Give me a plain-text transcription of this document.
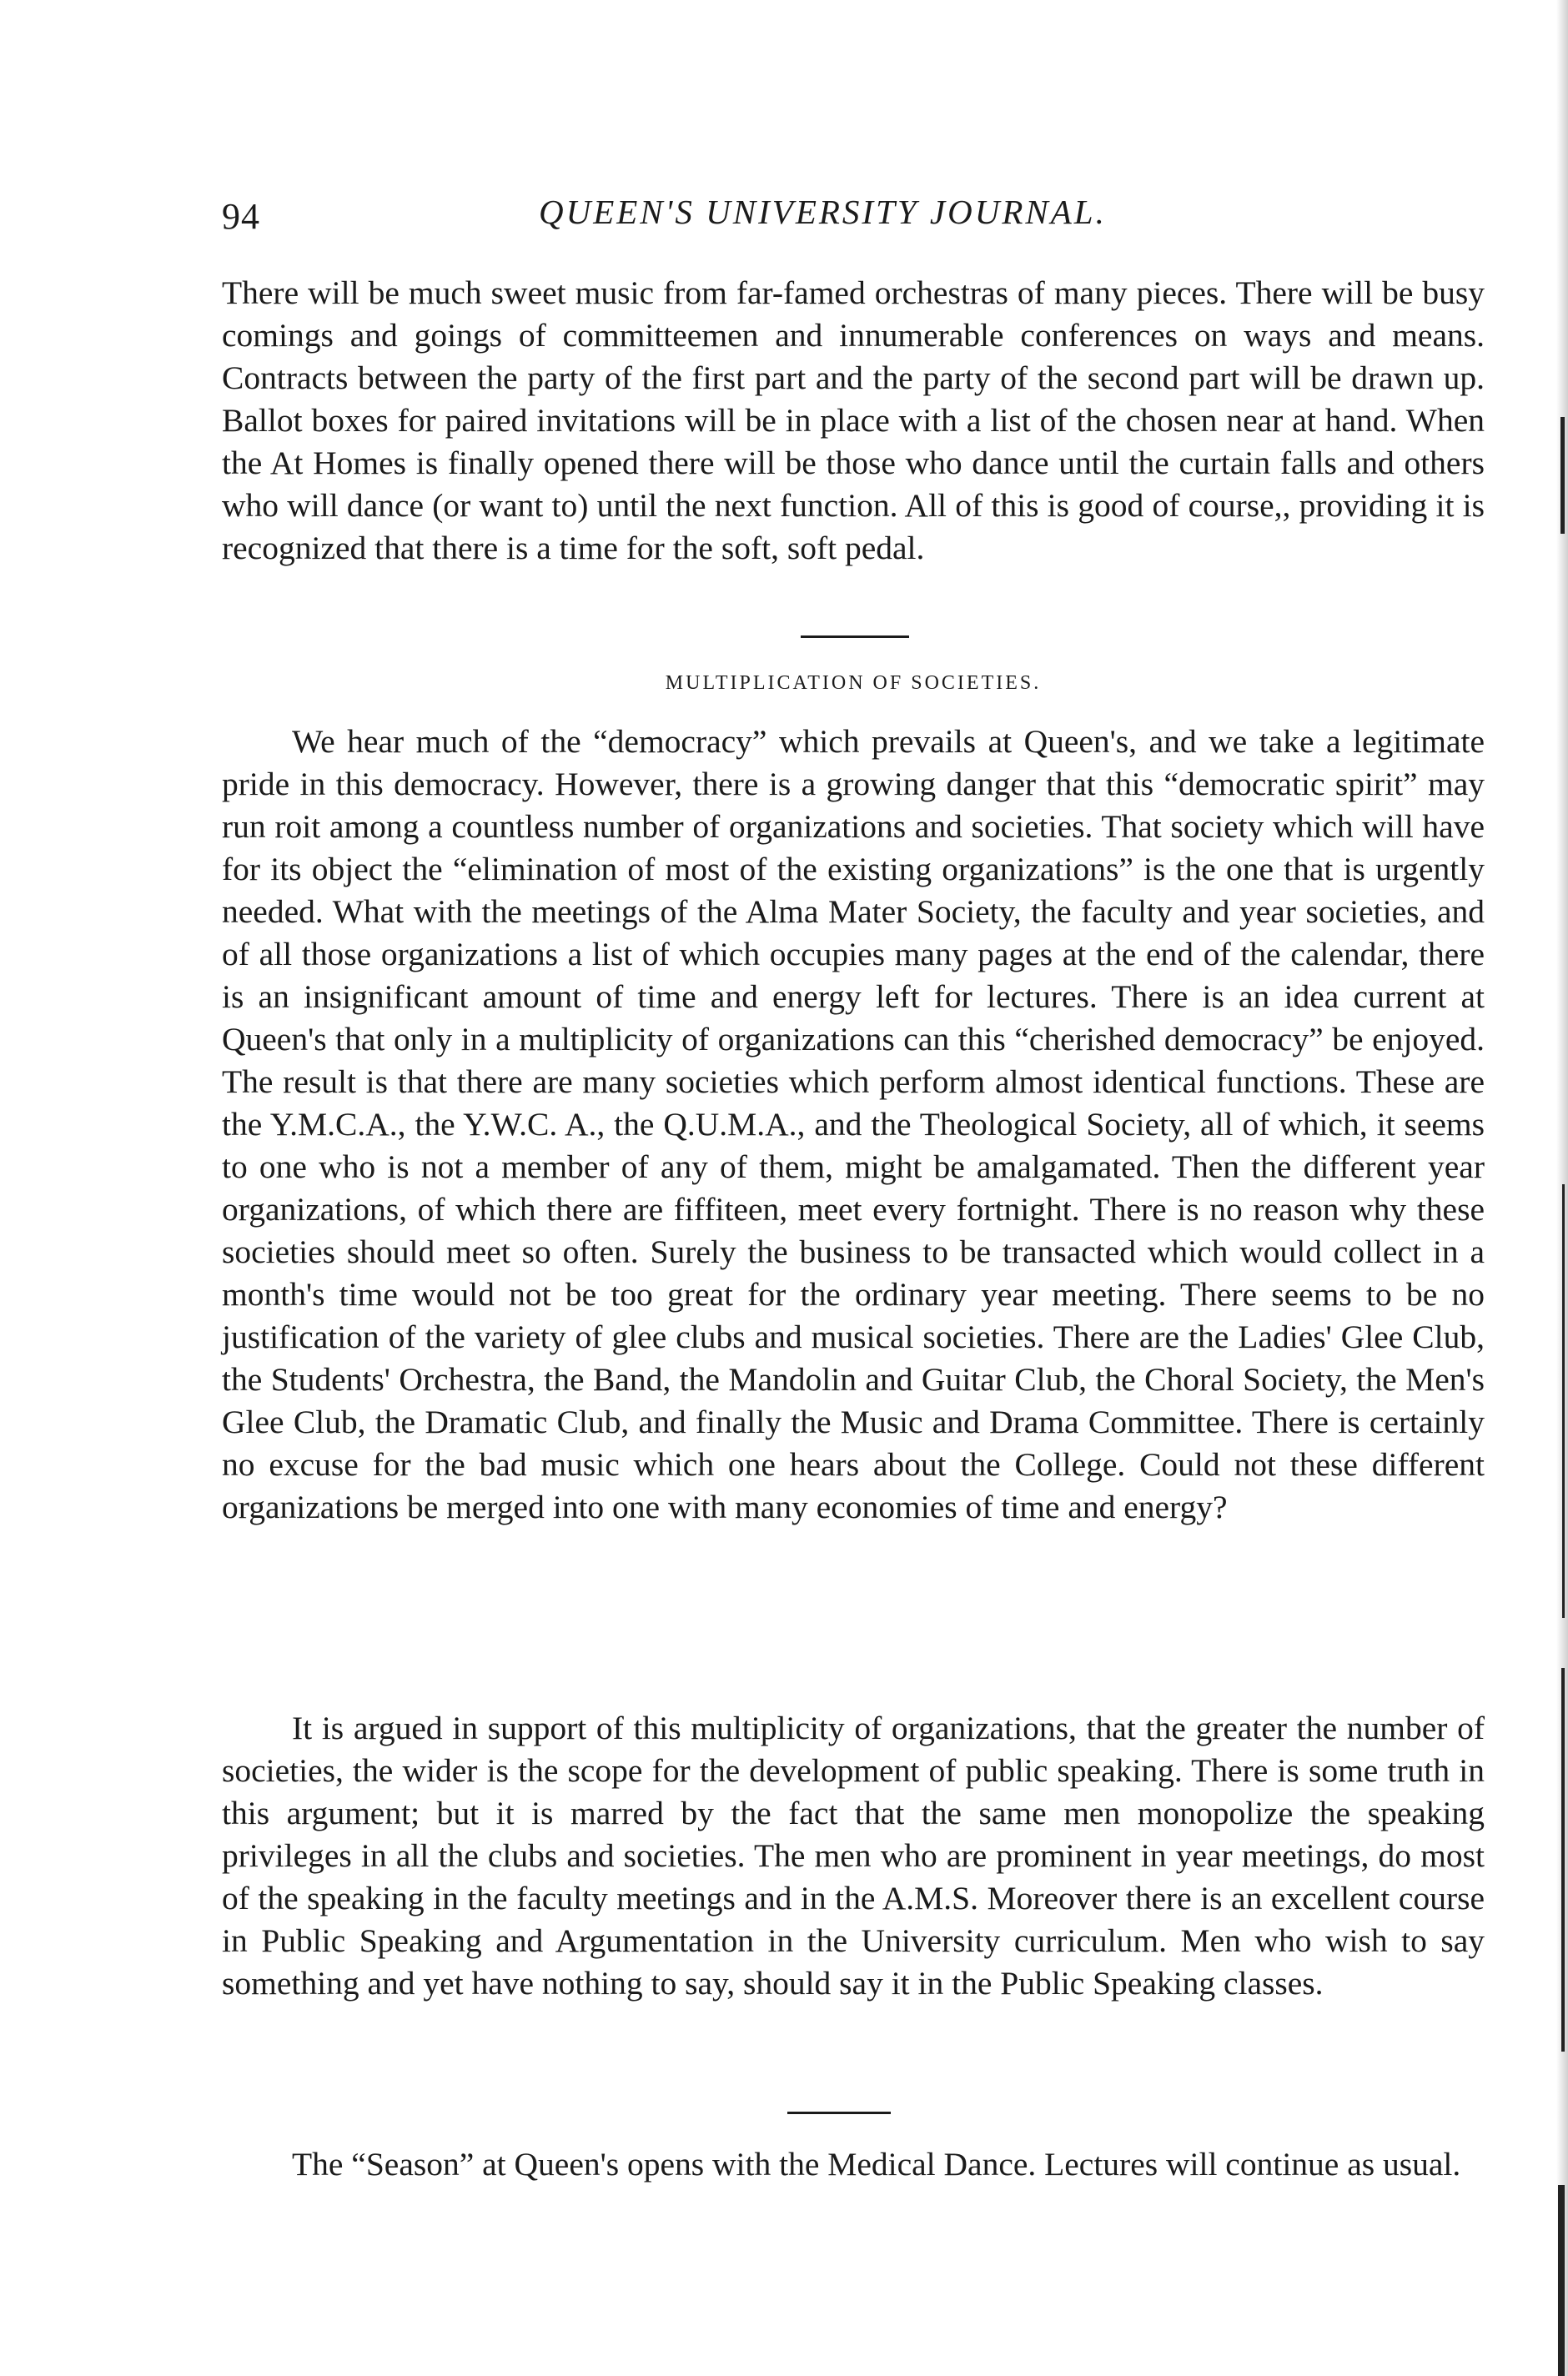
94	QUEEN'S UNIVERSITY JOURNAL.

There will be much sweet music from far-famed orchestras of many pieces. There will be busy comings and goings of committeemen and innumerable conferences on ways and means. Contracts between the party of the first part and the party of the second part will be drawn up. Ballot boxes for paired invitations will be in place with a list of the chosen near at hand. When the At Homes is finally opened there will be those who dance until the curtain falls and others who will dance (or want to) until the next function. All of this is good of course,, providing it is recognized that there is a time for the soft, soft pedal.

MULTIPLICATION OF SOCIETIES.

We hear much of the “democracy” which prevails at Queen's, and we take a legitimate pride in this democracy. However, there is a growing danger that this “democratic spirit” may run roit among a countless number of organizations and societies. That society which will have for its object the “elimination of most of the existing organizations” is the one that is urgently needed. What with the meetings of the Alma Mater Society, the faculty and year societies, and of all those organizations a list of which occupies many pages at the end of the calendar, there is an insignificant amount of time and energy left for lectures. There is an idea current at Queen's that only in a multiplicity of organizations can this “cherished democracy” be enjoyed. The result is that there are many societies which perform almost identical functions. These are the Y.M.C.A., the Y.W.C. A., the Q.U.M.A., and the Theological Society, all of which, it seems to one who is not a member of any of them, might be amalgamated. Then the different year organizations, of which there are fiffiteen, meet every fortnight. There is no reason why these societies should meet so often. Surely the business to be transacted which would collect in a month's time would not be too great for the ordinary year meeting. There seems to be no justification of the variety of glee clubs and musical societies. There are the Ladies' Glee Club, the Students' Orchestra, the Band, the Mandolin and Guitar Club, the Choral Society, the Men's Glee Club, the Dramatic Club, and finally the Music and Drama Committee. There is certainly no excuse for the bad music which one hears about the College. Could not these different organizations be merged into one with many economies of time and energy?

It is argued in support of this multiplicity of organizations, that the greater the number of societies, the wider is the scope for the development of public speaking. There is some truth in this argument; but it is marred by the fact that the same men monopolize the speaking privileges in all the clubs and societies. The men who are prominent in year meetings, do most of the speaking in the faculty meetings and in the A.M.S. Moreover there is an excellent course in Public Speaking and Argumentation in the University curriculum. Men who wish to say something and yet have nothing to say, should say it in the Public Speaking classes.

The “Season” at Queen's opens with the Medical Dance. Lectures will continue as usual.
